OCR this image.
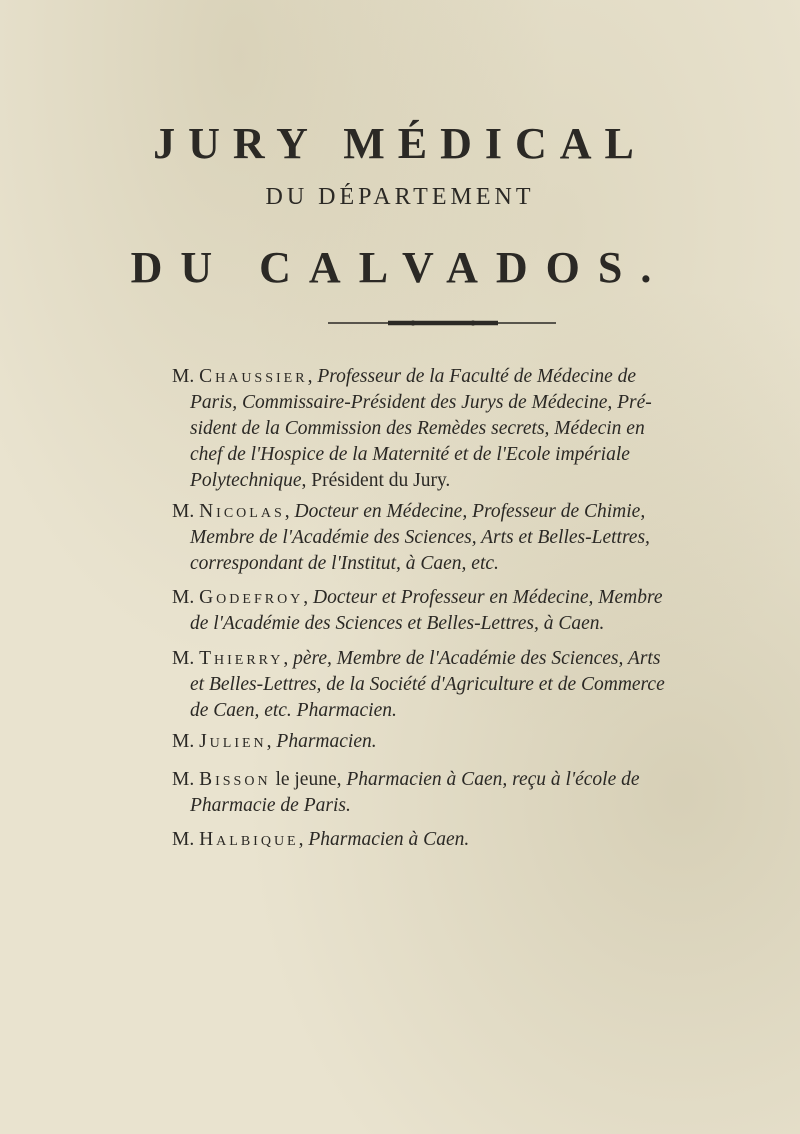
JURY MÉDICAL
DU DÉPARTEMENT
DU CALVADOS.
M. Chaussier, Professeur de la Faculté de Médecine de
Paris, Commissaire-Président des Jurys de Médecine, Pré-
sident de la Commission des Remèdes secrets, Médecin en
chef de l'Hospice de la Maternité et de l'Ecole impériale
Polytechnique, Président du Jury.
M. Nicolas, Docteur en Médecine, Professeur de Chimie,
Membre de l'Académie des Sciences, Arts et Belles-Lettres,
correspondant de l'Institut, à Caen, etc.
M. Godefroy, Docteur et Professeur en Médecine, Membre
de l'Académie des Sciences et Belles-Lettres, à Caen.
M. Thierry, père, Membre de l'Académie des Sciences, Arts
et Belles-Lettres, de la Société d'Agriculture et de Commerce
de Caen, etc. Pharmacien.
M. Julien, Pharmacien.
M. Bisson le jeune, Pharmacien à Caen, reçu à l'école de
Pharmacie de Paris.
M. Halbique, Pharmacien à Caen.
